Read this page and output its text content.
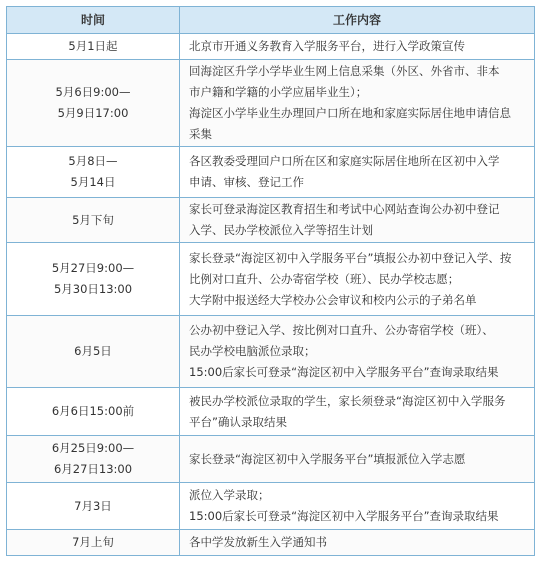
时间	工作内容

5月1日起	北京市开通义务教育入学服务平台，进行入学政策宣传

5月6日9:00—
5月9日17:00	回海淀区升学小学毕业生网上信息采集（外区、外省市、非本
市户籍和学籍的小学应届毕业生）；
海淀区小学毕业生办理回户口所在地和家庭实际居住地申请信息
采集

5月8日—
5月14日	各区教委受理回户口所在区和家庭实际居住地所在区初中入学
申请、审核、登记工作

5月下旬	家长可登录海淀区教育招生和考试中心网站查询公办初中登记
入学、民办学校派位入学等招生计划

5月27日9:00—
5月30日13:00	家长登录“海淀区初中入学服务平台”填报公办初中登记入学、按
比例对口直升、公办寄宿学校（班）、民办学校志愿；
大学附中报送经大学校办公会审议和校内公示的子弟名单

6月5日	公办初中登记入学、按比例对口直升、公办寄宿学校（班）、
民办学校电脑派位录取；
15:00后家长可登录“海淀区初中入学服务平台”查询录取结果

6月6日15:00前	被民办学校派位录取的学生，家长须登录“海淀区初中入学服务
平台”确认录取结果

6月25日9:00—
6月27日13:00	家长登录“海淀区初中入学服务平台”填报派位入学志愿

7月3日	派位入学录取；
15:00后家长可登录“海淀区初中入学服务平台”查询录取结果

7月上旬	各中学发放新生入学通知书
